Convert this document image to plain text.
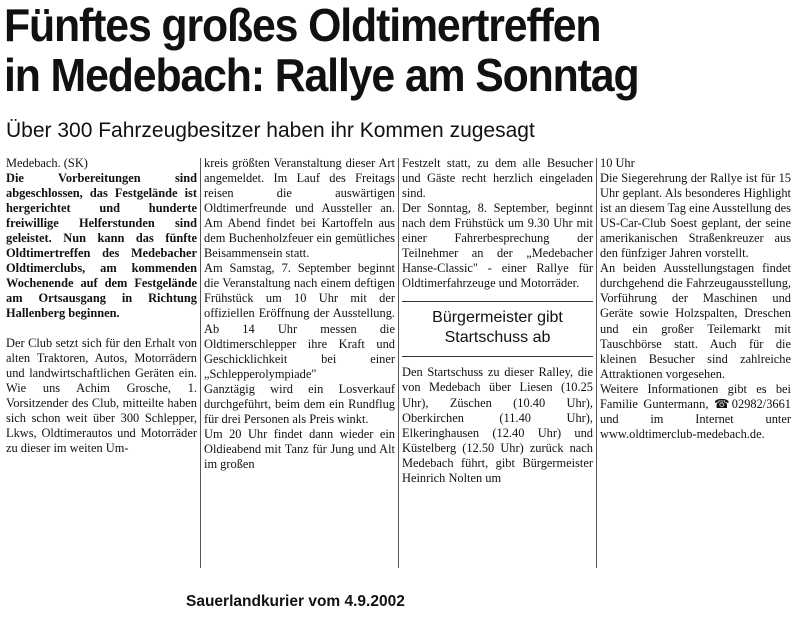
Fünftes großes Oldtimertreffen
in Medebach: Rallye am Sonntag
Über 300 Fahrzeugbesitzer haben ihr Kommen zugesagt

Medebach. (SK)

Die Vorbereitungen sind abgeschlossen, das Festgelände ist hergerichtet und hunderte freiwillige Helferstunden sind geleistet. Nun kann das fünfte Oldtimertreffen des Medebacher Oldtimerclubs, am kommenden Wochenende auf dem Festgelände am Ortsausgang in Richtung Hallenberg beginnen.

Der Club setzt sich für den Erhalt von alten Traktoren, Autos, Motorrädern und landwirtschaftlichen Geräten ein. Wie uns Achim Grosche, 1. Vorsitzender des Club, mitteilte haben sich schon weit über 300 Schlepper, Lkws, Oldtimerautos und Motorräder zu dieser im weiten Um-

kreis größten Veranstaltung dieser Art angemeldet. Im Lauf des Freitags reisen die auswärtigen Oldtimerfreunde und Aussteller an. Am Abend findet bei Kartoffeln aus dem Buchenholzfeuer ein gemütliches Beisammensein statt.

Am Samstag, 7. September beginnt die Veranstaltung nach einem deftigen Frühstück um 10 Uhr mit der offiziellen Eröffnung der Ausstellung. Ab 14 Uhr messen die Oldtimerschlepper ihre Kraft und Geschicklichkeit bei einer „Schlepperolympiade"

Ganztägig wird ein Losverkauf durchgeführt, beim dem ein Rundflug für drei Personen als Preis winkt.

Um 20 Uhr findet dann wieder ein Oldieabend mit Tanz für Jung und Alt im großen

Festzelt statt, zu dem alle Besucher und Gäste recht herzlich eingeladen sind.

Der Sonntag, 8. September, beginnt nach dem Frühstück um 9.30 Uhr mit einer Fahrerbesprechung der Teilnehmer an der „Medebacher Hanse-Classic" - einer Rallye für Oldtimerfahrzeuge und Motorräder.

Bürgermeister gibt Startschuss ab

Den Startschuss zu dieser Ralley, die von Medebach über Liesen (10.25 Uhr), Züschen (10.40 Uhr), Oberkirchen (11.40 Uhr), Elkeringhausen (12.40 Uhr) und Küstelberg (12.50 Uhr) zurück nach Medebach führt, gibt Bürgermeister Heinrich Nolten um

10 Uhr

Die Siegerehrung der Rallye ist für 15 Uhr geplant. Als besonderes Highlight ist an diesem Tag eine Ausstellung des US-Car-Club Soest geplant, der seine amerikanischen Straßenkreuzer aus den fünfziger Jahren vorstellt.

An beiden Ausstellungstagen findet durchgehend die Fahrzeugausstellung, Vorführung der Maschinen und Geräte sowie Holzspalten, Dreschen und ein großer Teilemarkt mit Tauschbörse statt. Auch für die kleinen Besucher sind zahlreiche Attraktionen vorgesehen.

Weitere Informationen gibt es bei Familie Guntermann, ☎02982/3661 und im Internet unter www.oldtimerclub-medebach.de.

Sauerlandkurier vom 4.9.2002
